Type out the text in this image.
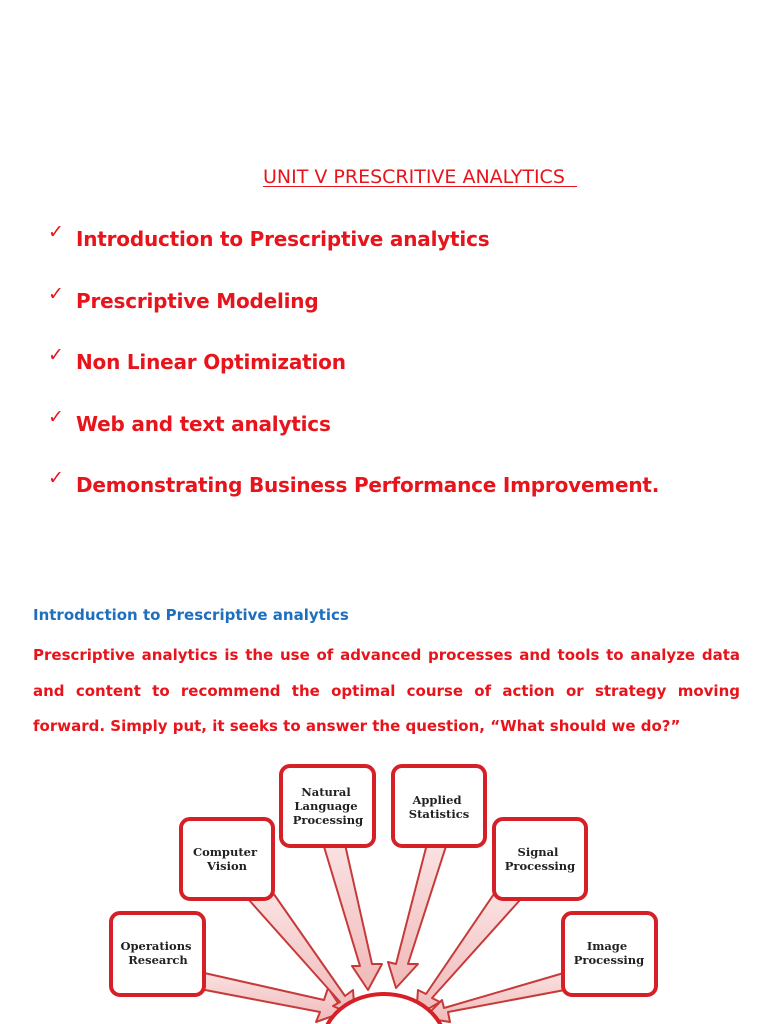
UNIT V PRESCRITIVE ANALYTICS
✓ Introduction to Prescriptive analytics
✓ Prescriptive Modeling
✓ Non Linear Optimization
✓ Web and text analytics
✓ Demonstrating Business Performance Improvement.
Introduction to Prescriptive analytics
Prescriptive analytics is the use of advanced processes and tools to analyze data and content to recommend the optimal course of action or strategy moving forward. Simply put, it seeks to answer the question, “What should we do?”
Operations Research
Computer Vision
Natural Language Processing
Applied Statistics
Signal Processing
Image Processing
